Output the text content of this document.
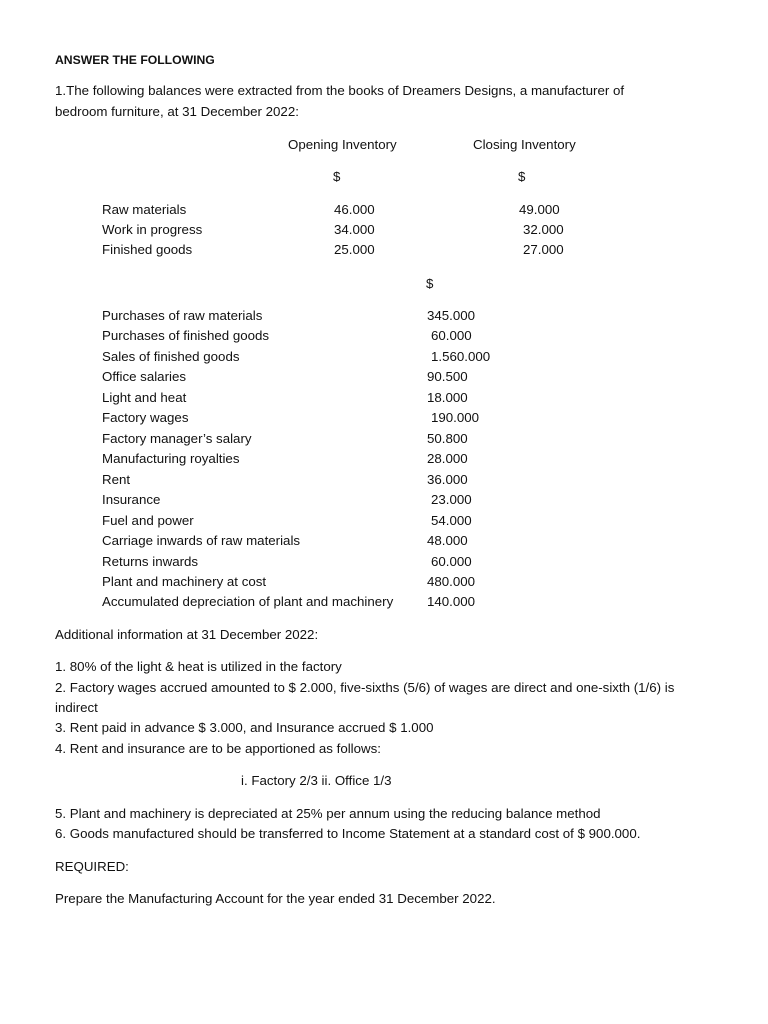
ANSWER THE FOLLOWING
1.The following balances were extracted from the books of Dreamers Designs, a manufacturer of
bedroom furniture, at 31 December 2022:
Opening Inventory	Closing Inventory
$	$
Raw materials	46.000	49.000
Work in progress	34.000	32.000
Finished goods	25.000	27.000
$
Purchases of raw materials	345.000
Purchases of finished goods	60.000
Sales of finished goods	1.560.000
Office salaries	90.500
Light and heat	18.000
Factory wages	190.000
Factory manager’s salary	50.800
Manufacturing royalties	28.000
Rent	36.000
Insurance	23.000
Fuel and power	54.000
Carriage inwards of raw materials	48.000
Returns inwards	60.000
Plant and machinery at cost	480.000
Accumulated depreciation of plant and machinery	140.000
Additional information at 31 December 2022:
1. 80% of the light & heat is utilized in the factory
2. Factory wages accrued amounted to $ 2.000, five-sixths (5/6) of wages are direct and one-sixth (1/6) is
indirect
3. Rent paid in advance $ 3.000, and Insurance accrued $ 1.000
4. Rent and insurance are to be apportioned as follows:
i. Factory 2/3 ii. Office 1/3
5. Plant and machinery is depreciated at 25% per annum using the reducing balance method
6. Goods manufactured should be transferred to Income Statement at a standard cost of $ 900.000.
REQUIRED:
Prepare the Manufacturing Account for the year ended 31 December 2022.
